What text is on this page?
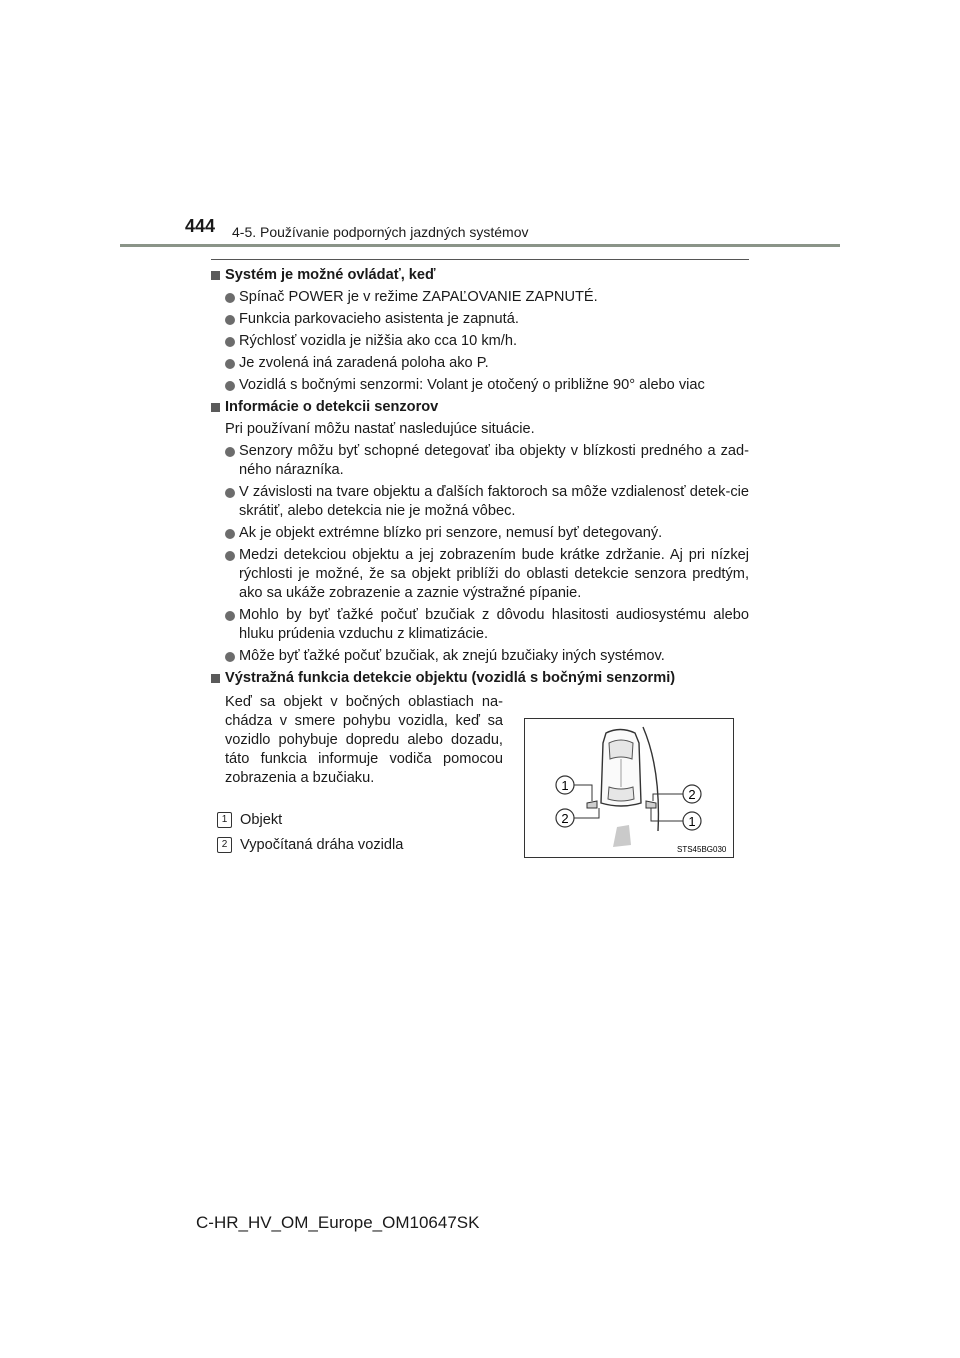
444 4-5. Používanie podporných jazdných systémov
Systém je možné ovládať, keď
Spínač POWER je v režime ZAPAĽOVANIE ZAPNUTÉ.
Funkcia parkovacieho asistenta je zapnutá.
Rýchlosť vozidla je nižšia ako cca 10 km/h.
Je zvolená iná zaradená poloha ako P.
Vozidlá s bočnými senzormi: Volant je otočený o približne 90° alebo viac
Informácie o detekcii senzorov
Pri používaní môžu nastať nasledujúce situácie.
Senzory môžu byť schopné detegovať iba objekty v blízkosti predného a zad-ného nárazníka.
V závislosti na tvare objektu a ďalších faktoroch sa môže vzdialenosť detek-cie skrátiť, alebo detekcia nie je možná vôbec.
Ak je objekt extrémne blízko pri senzore, nemusí byť detegovaný.
Medzi detekciou objektu a jej zobrazením bude krátke zdržanie. Aj pri nízkej rýchlosti je možné, že sa objekt priblíži do oblasti detekcie senzora predtým, ako sa ukáže zobrazenie a zaznie výstražné pípanie.
Mohlo by byť ťažké počuť bzučiak z dôvodu hlasitosti audiosystému alebo hluku prúdenia vzduchu z klimatizácie.
Môže byť ťažké počuť bzučiak, ak znejú bzučiaky iných systémov.
Výstražná funkcia detekcie objektu (vozidlá s bočnými senzormi)
Keď sa objekt v bočných oblastiach na-chádza v smere pohybu vozidla, keď sa vozidlo pohybuje dopredu alebo dozadu, táto funkcia informuje vodiča pomocou zobrazenia a bzučiaku.
1 Objekt
2 Vypočítaná dráha vozidla
1
2
2
1
STS45BG030
C-HR_HV_OM_Europe_OM10647SK
